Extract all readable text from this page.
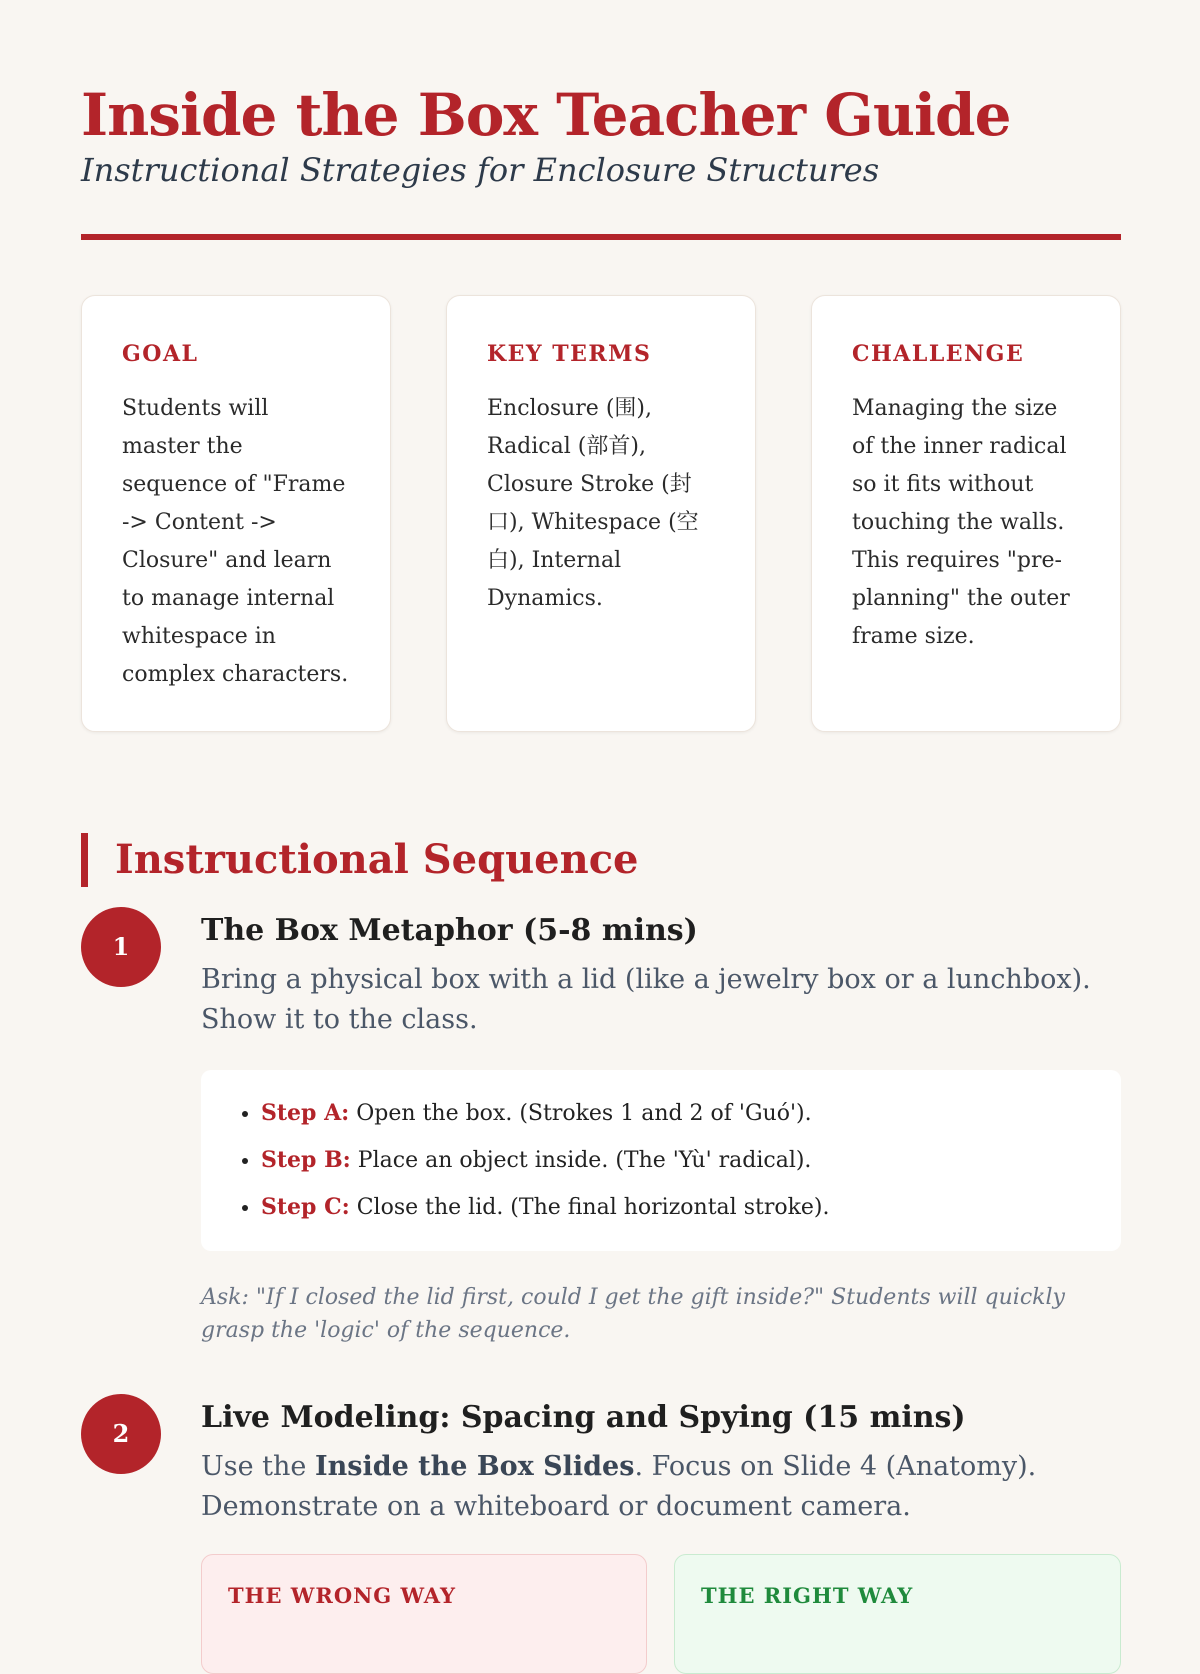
Inside the Box Teacher Guide

Instructional Strategies for Enclosure Structures

GOAL

Students will master the sequence of "Frame -> Content -> Closure" and learn to manage internal whitespace in complex characters.

KEY TERMS

Enclosure (围), Radical (部首), Closure Stroke (封口), Whitespace (空白), Internal Dynamics.

CHALLENGE

Managing the size of the inner radical so it fits without touching the walls. This requires "pre-planning" the outer frame size.

Instructional Sequence
1	The Box Metaphor (5-8 mins)

Bring a physical box with a lid (like a jewelry box or a lunchbox). Show it to the class.

• Step A: Open the box. (Strokes 1 and 2 of 'Guó').
• Step B: Place an object inside. (The 'Yù' radical).
• Step C: Close the lid. (The final horizontal stroke).

Ask: "If I closed the lid first, could I get the gift inside?" Students will quickly grasp the 'logic' of the sequence.

2	Live Modeling: Spacing and Spying (15 mins)

Use the Inside the Box Slides. Focus on Slide 4 (Anatomy). Demonstrate on a whiteboard or document camera.

THE WRONG WAY	THE RIGHT WAY
